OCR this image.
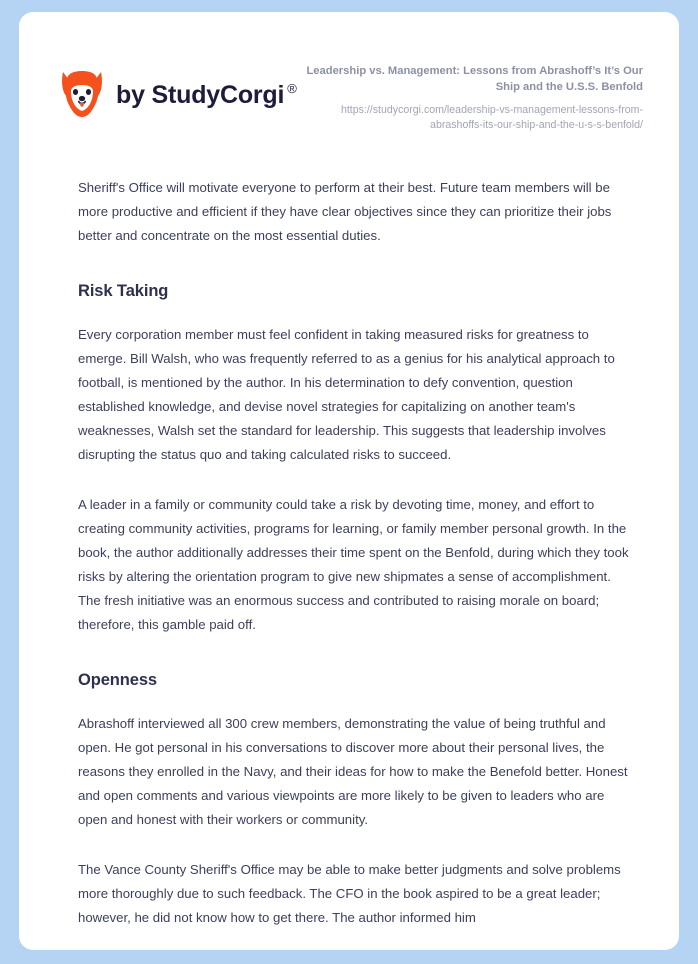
by StudyCorgi ®

Leadership vs. Management: Lessons from Abrashoff’s It’s Our Ship and the U.S.S. Benfold

https://studycorgi.com/leadership-vs-management-lessons-from-abrashoffs-its-our-ship-and-the-u-s-s-benfold/

Sheriff's Office will motivate everyone to perform at their best. Future team members will be more productive and efficient if they have clear objectives since they can prioritize their jobs better and concentrate on the most essential duties.

Risk Taking

Every corporation member must feel confident in taking measured risks for greatness to emerge. Bill Walsh, who was frequently referred to as a genius for his analytical approach to football, is mentioned by the author. In his determination to defy convention, question established knowledge, and devise novel strategies for capitalizing on another team's weaknesses, Walsh set the standard for leadership. This suggests that leadership involves disrupting the status quo and taking calculated risks to succeed.

A leader in a family or community could take a risk by devoting time, money, and effort to creating community activities, programs for learning, or family member personal growth. In the book, the author additionally addresses their time spent on the Benfold, during which they took risks by altering the orientation program to give new shipmates a sense of accomplishment. The fresh initiative was an enormous success and contributed to raising morale on board; therefore, this gamble paid off.

Openness

Abrashoff interviewed all 300 crew members, demonstrating the value of being truthful and open. He got personal in his conversations to discover more about their personal lives, the reasons they enrolled in the Navy, and their ideas for how to make the Benefold better. Honest and open comments and various viewpoints are more likely to be given to leaders who are open and honest with their workers or community.

The Vance County Sheriff's Office may be able to make better judgments and solve problems more thoroughly due to such feedback. The CFO in the book aspired to be a great leader; however, he did not know how to get there. The author informed him
